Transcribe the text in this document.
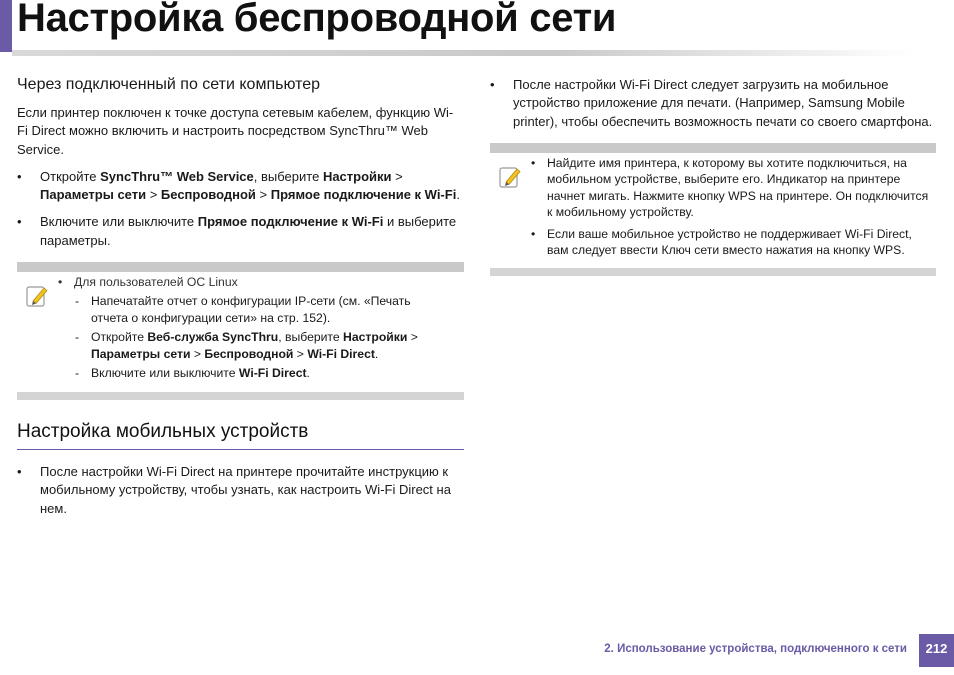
Настройка беспроводной сети
Через подключенный по сети компьютер

Если принтер поключен к точке доступа сетевым кабелем, функцию Wi-Fi Direct можно включить и настроить посредством SyncThru™ Web Service.

• Откройте SyncThru™ Web Service, выберите Настройки > Параметры сети > Беспроводной > Прямое подключение к Wi-Fi.
• Включите или выключите Прямое подключение к Wi-Fi и выберите параметры.
• Для пользователей ОС Linux
- Напечатайте отчет о конфигурации IP-сети (см. «Печать отчета о конфигурации сети» на стр. 152).
- Откройте Веб-служба SyncThru, выберите Настройки > Параметры сети > Беспроводной > Wi-Fi Direct.
- Включите или выключите Wi-Fi Direct.
Настройка мобильных устройств
• После настройки Wi-Fi Direct на принтере прочитайте инструкцию к мобильному устройству, чтобы узнать, как настроить Wi-Fi Direct на нем.
• После настройки Wi-Fi Direct следует загрузить на мобильное устройство приложение для печати. (Например, Samsung Mobile printer), чтобы обеспечить возможность печати со своего смартфона.
• Найдите имя принтера, к которому вы хотите подключиться, на мобильном устройстве, выберите его. Индикатор на принтере начнет мигать. Нажмите кнопку WPS на принтере. Он подключится к мобильному устройству.
• Если ваше мобильное устройство не поддерживает Wi-Fi Direct, вам следует ввести Ключ сети вместо нажатия на кнопку WPS.
2. Использование устройства, подключенного к сети	212
